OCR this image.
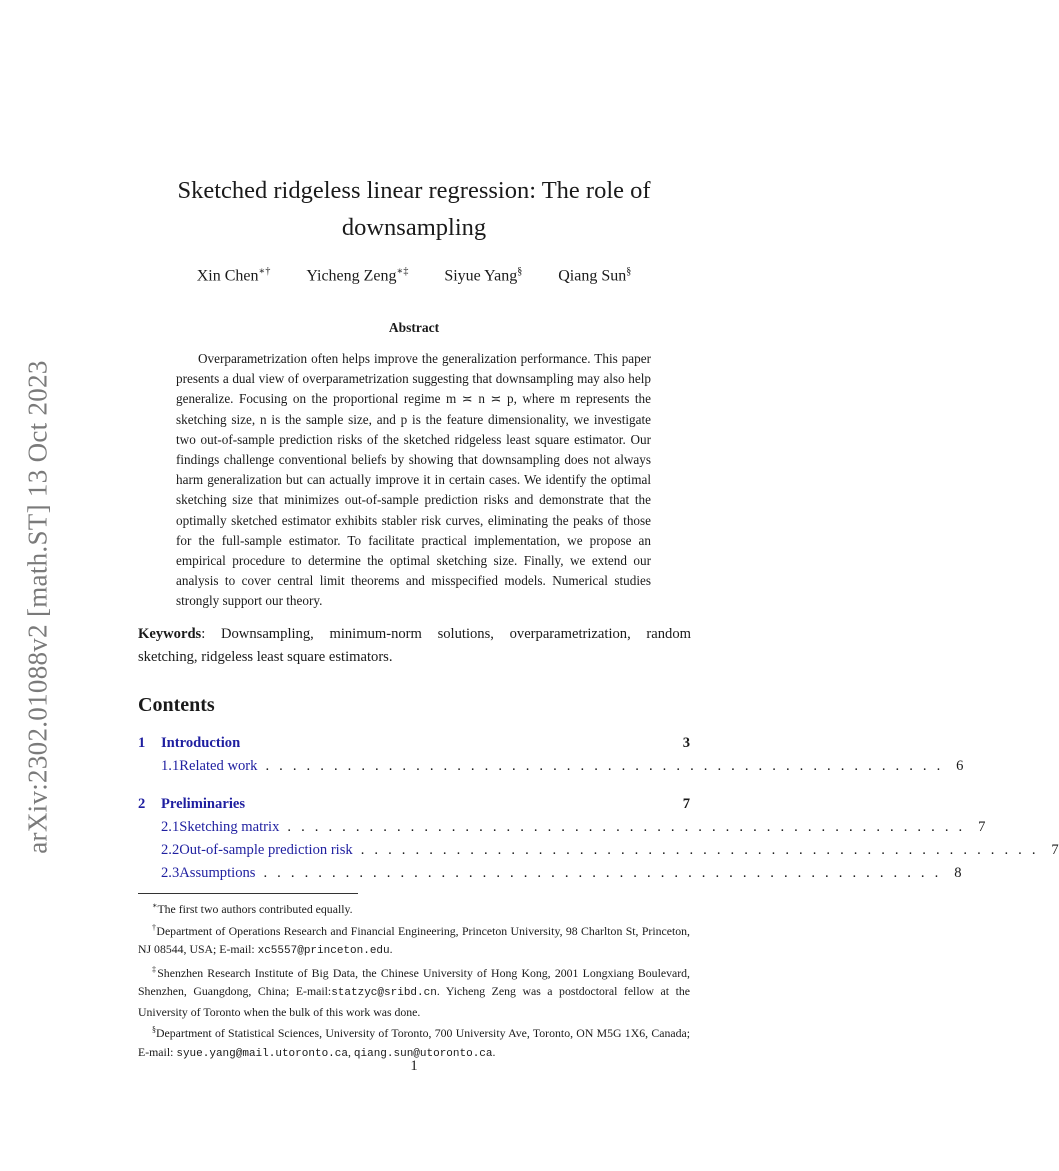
arXiv:2302.01088v2 [math.ST] 13 Oct 2023
Sketched ridgeless linear regression: The role of
downsampling
Xin Chen∗† Yicheng Zeng∗‡ Siyue Yang§ Qiang Sun§
Abstract

Overparametrization often helps improve the generalization performance. This paper presents a dual view of overparametrization suggesting that downsampling may also help generalize. Focusing on the proportional regime m ≍ n ≍ p, where m represents the sketching size, n is the sample size, and p is the feature dimensionality, we investigate two out-of-sample prediction risks of the sketched ridgeless least square estimator. Our findings challenge conventional beliefs by showing that downsampling does not always harm generalization but can actually improve it in certain cases. We identify the optimal sketching size that minimizes out-of-sample prediction risks and demonstrate that the optimally sketched estimator exhibits stabler risk curves, eliminating the peaks of those for the full-sample estimator. To facilitate practical implementation, we propose an empirical procedure to determine the optimal sketching size. Finally, we extend our analysis to cover central limit theorems and misspecified models. Numerical studies strongly support our theory.

Keywords: Downsampling, minimum-norm solutions, overparametrization, random sketching, ridgeless least square estimators.

Contents
1	Introduction	3
1.1 Related work . . . . . . . . . . . . . . . . . . . . . . . . . . . . . . . . . . . . . . . . . . . . . . . . . . 6
2	Preliminaries	7
2.1 Sketching matrix . . . . . . . . . . . . . . . . . . . . . . . . . . . . . . . . . . . . . . . . . . . . . . . . . . 7
2.2 Out-of-sample prediction risk . . . . . . . . . . . . . . . . . . . . . . . . . . . . . . . . . . . . . . . . . . . . . . . . . . 7
2.3 Assumptions . . . . . . . . . . . . . . . . . . . . . . . . . . . . . . . . . . . . . . . . . . . . . . . . . . 8

∗The first two authors contributed equally.

†Department of Operations Research and Financial Engineering, Princeton University, 98 Charlton St, Princeton, NJ 08544, USA; E-mail: xc5557@princeton.edu.

‡Shenzhen Research Institute of Big Data, the Chinese University of Hong Kong, 2001 Longxiang Boulevard, Shenzhen, Guangdong, China; E-mail:statzyc@sribd.cn. Yicheng Zeng was a postdoctoral fellow at the University of Toronto when the bulk of this work was done.

§Department of Statistical Sciences, University of Toronto, 700 University Ave, Toronto, ON M5G 1X6, Canada; E-mail: syue.yang@mail.utoronto.ca, qiang.sun@utoronto.ca.

1
